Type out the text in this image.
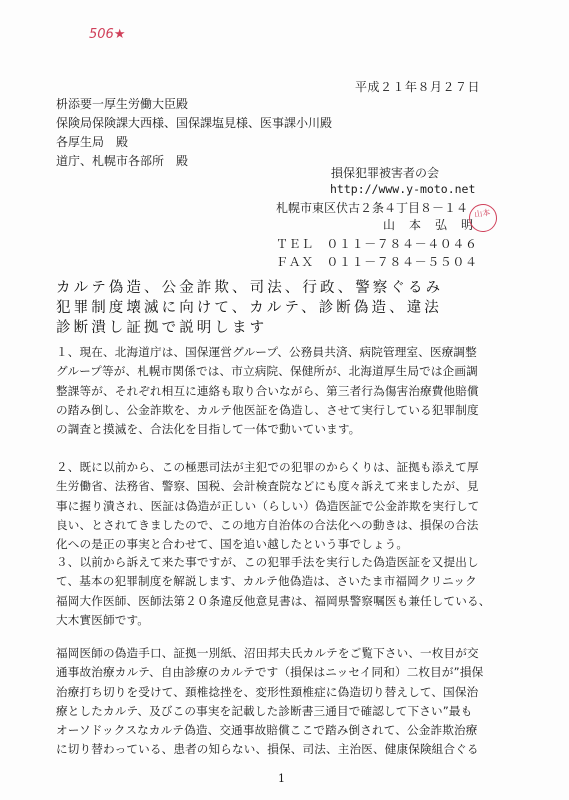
506★
平成２１年８月２７日
枡添要一厚生労働大臣殿
保険局保険課大西様、国保課塩見様、医事課小川殿
各厚生局　殿
道庁、札幌市各部所　殿
損保犯罪被害者の会
http://www.y-moto.net
札幌市東区伏古２条４丁目８－１４
山　本　弘　明
山本
ＴＥＬ　０１１－７８４－４０４６
ＦＡＸ　０１１－７８４－５５０４
カルテ偽造、公金詐欺、司法、行政、警察ぐるみ
犯罪制度壊滅に向けて、カルテ、診断偽造、違法
診断潰し証拠で説明します
１、現在、北海道庁は、国保運営グループ、公務員共済、病院管理室、医療調整
グループ等が、札幌市関係では、市立病院、保健所が、北海道厚生局では企画調
整課等が、それぞれ相互に連絡も取り合いながら、第三者行為傷害治療費他賠償
の踏み倒し、公金詐欺を、カルテ他医証を偽造し、させて実行している犯罪制度
の調査と摸滅を、合法化を目指して一体で動いています。
２、既に以前から、この極悪司法が主犯での犯罪のからくりは、証拠も添えて厚
生労働省、法務省、警察、国税、会計検査院などにも度々訴えて来ましたが、見
事に握り潰され、医証は偽造が正しい（らしい）偽造医証で公金詐欺を実行して
良い、とされてきましたので、この地方自治体の合法化への動きは、損保の合法
化への是正の事実と合わせて、国を追い越したという事でしょう。
３、以前から訴えて来た事ですが、この犯罪手法を実行した偽造医証を又提出し
て、基本の犯罪制度を解説します、カルテ他偽造は、さいたま市福岡クリニック
福岡大作医師、医師法第２０条違反他意見書は、福岡県警察嘱医も兼任している、
大木實医師です。
福岡医師の偽造手口、証拠一別紙、沼田邦夫氏カルテをご覧下さい、一枚目が交
通事故治療カルテ、自由診療のカルテです（損保はニッセイ同和）二枚目が”損保
治療打ち切りを受けて、頚椎捻挫を、変形性頚椎症に偽造切り替えして、国保治
療としたカルテ、及びこの事実を記載した診断書三通目で確認して下さい”最も
オーソドックスなカルテ偽造、交通事故賠償ここで踏み倒されて、公金詐欺治療
に切り替わっている、患者の知らない、損保、司法、主治医、健康保険組合ぐる
1
